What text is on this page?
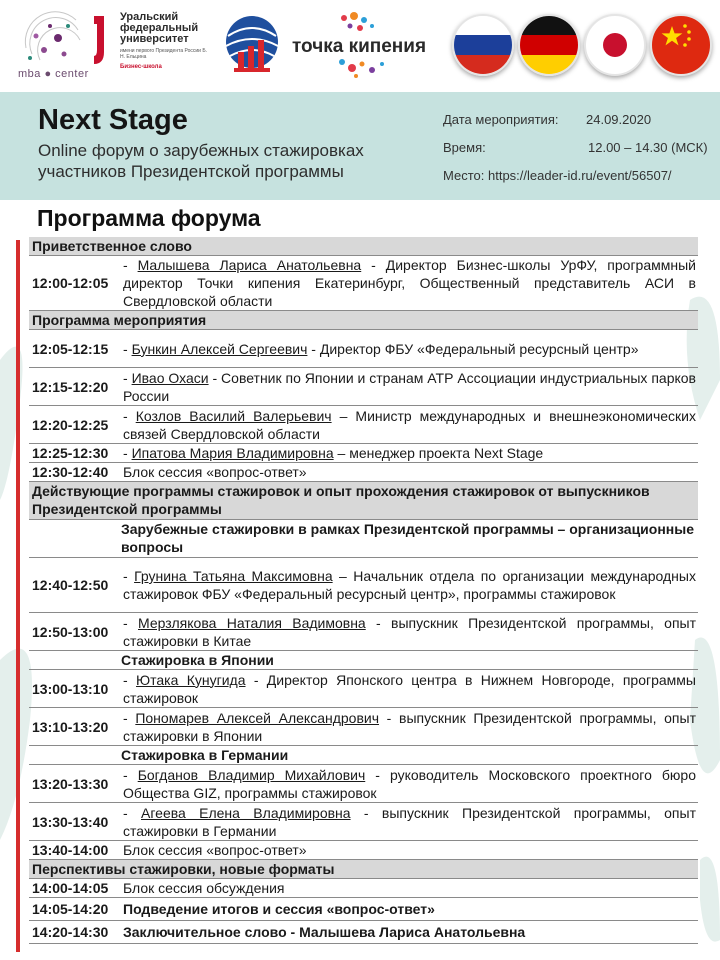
mba ● center
Уральский
федеральный
университет
имени первого Президента России Б. Н. Ельцина
Бизнес-школа
точка кипения
Next Stage
Online форум о зарубежных стажировках участников Президентской программы
Дата мероприятия: 24.09.2020
Время:	12.00 – 14.30 (МСК)
Место: https://leader-id.ru/event/56507/
Программа форума
Приветственное слово
12:00-12:05
- Малышева Лариса Анатольевна - Директор Бизнес-школы УрФУ, программный директор Точки кипения Екатеринбург, Общественный представитель АСИ в Свердловской области
Программа мероприятия
12:05-12:15	- Бункин Алексей Сергеевич - Директор ФБУ «Федеральный ресурсный центр»
12:15-12:20
- Ивао Охаси - Советник по Японии и странам АТР Ассоциации индустриальных парков России
12:20-12:25
- Козлов Василий Валерьевич – Министр международных и внешнеэкономических связей Свердловской области
12:25-12:30	- Ипатова Мария Владимировна – менеджер проекта Next Stage
12:30-12:40	Блок сессия «вопрос-ответ»
Действующие программы стажировок и опыт прохождения стажировок от выпускников Президентской программы
Зарубежные стажировки в рамках Президентской программы – организационные вопросы
12:40-12:50
- Грунина Татьяна Максимовна – Начальник отдела по организации международных стажировок ФБУ «Федеральный ресурсный центр», программы стажировок
12:50-13:00
- Мерзлякова Наталия Вадимовна - выпускник Президентской программы, опыт стажировки в Китае
Стажировка в Японии
13:00-13:10
- Ютака Кунугида - Директор Японского центра в Нижнем Новгороде, программы стажировок
13:10-13:20
- Пономарев Алексей Александрович - выпускник Президентской программы, опыт стажировки в Японии
Стажировка в Германии
13:20-13:30
- Богданов Владимир Михайлович - руководитель Московского проектного бюро Общества GIZ, программы стажировок
13:30-13:40
- Агеева Елена Владимировна - выпускник Президентской программы, опыт стажировки в Германии
13:40-14:00	Блок сессия «вопрос-ответ»
Перспективы стажировки, новые форматы
14:00-14:05	Блок сессия обсуждения
14:05-14:20	Подведение итогов и сессия «вопрос-ответ»
14:20-14:30	Заключительное слово - Малышева Лариса Анатольевна
